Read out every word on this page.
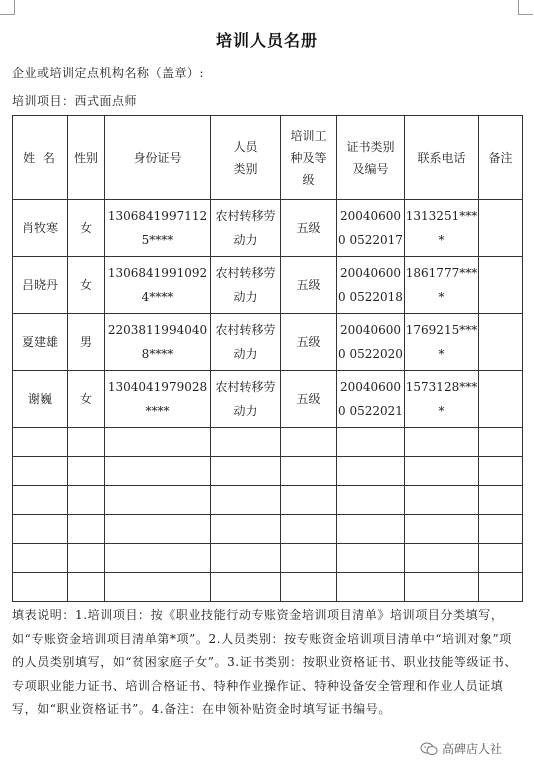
培训人员名册
企业或培训定点机构名称（盖章）:
培训项目：西式面点师
姓 名	性别	身份证号	人员类别	培训工种及等级	证书类别及编号	联系电话	备注
肖牧寒	女	1306841997112 5****	农村转移劳动力	五级	200406000 0522017	1313251*** *	

吕晓丹	女	1306841991092 4****	农村转移劳动力	五级	200406000 0522018	1861777*** *	

夏建雄	男	2203811994040 8****	农村转移劳动力	五级	200406000 0522020	1769215*** *	

谢巍	女	1304041979028 ****	农村转移劳动力	五级	200406000 0522021	1573128*** *	

填表说明：1.培训项目：按《职业技能行动专账资金培训项目清单》培训项目分类填写，如“专账资金培训项目清单第*项”。2.人员类别：按专账资金培训项目清单中“培训对象”项的人员类别填写，如“贫困家庭子女”。3.证书类别：按职业资格证书、职业技能等级证书、专项职业能力证书、培训合格证书、特种作业操作证、特种设备安全管理和作业人员证填写，如“职业资格证书”。4.备注：在申领补贴资金时填写证书编号。
高碑店人社
